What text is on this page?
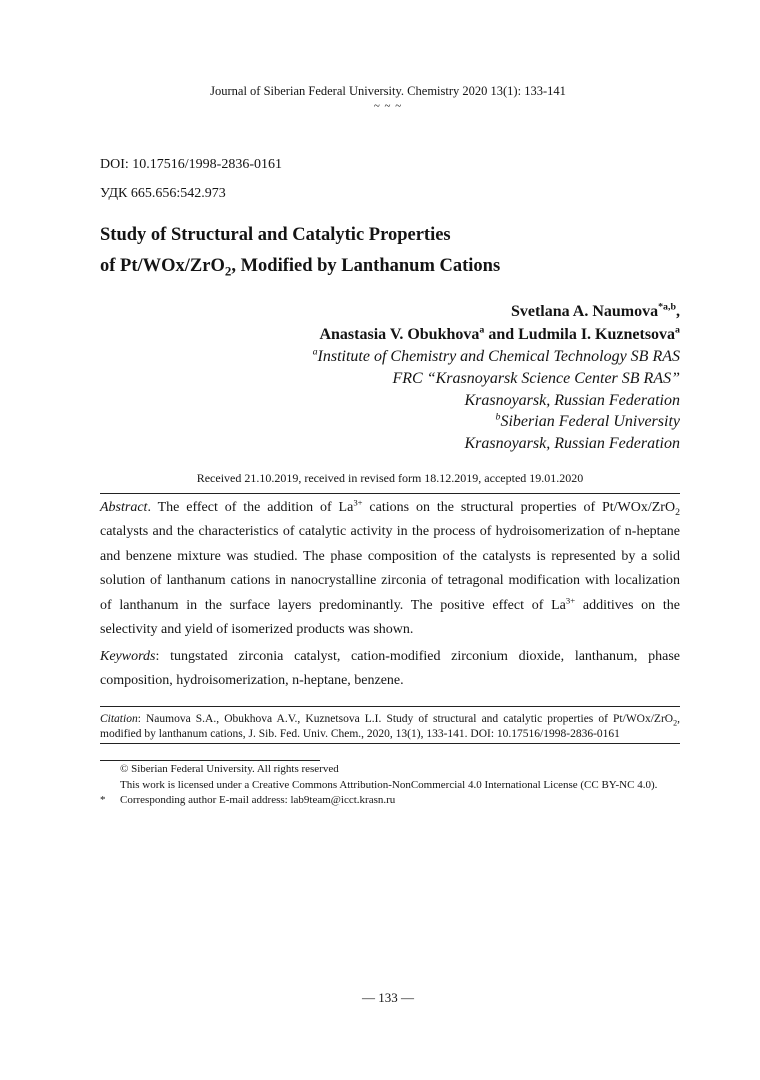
Journal of Siberian Federal University. Chemistry 2020 13(1): 133-141
~ ~ ~
DOI: 10.17516/1998-2836-0161
УДК 665.656:542.973
Study of Structural and Catalytic Properties
of Pt/WOx/ZrO$_2$, Modified by Lanthanum Cations
Svetlana A. Naumova$^{*a,b}$,
Anastasia V. Obukhova$^a$ and Ludmila I. Kuznetsova$^a$
$^a$Institute of Chemistry and Chemical Technology SB RAS
FRC “Krasnoyarsk Science Center SB RAS”
Krasnoyarsk, Russian Federation
$^b$Siberian Federal University
Krasnoyarsk, Russian Federation
Received 21.10.2019, received in revised form 18.12.2019, accepted 19.01.2020
Abstract. The effect of the addition of $La^{3+}$ cations on the structural properties of Pt/WOx/ZrO$_2$ catalysts and the characteristics of catalytic activity in the process of hydroisomerization of n-heptane and benzene mixture was studied. The phase composition of the catalysts is represented by a solid solution of lanthanum cations in nanocrystalline zirconia of tetragonal modification with localization of lanthanum in the surface layers predominantly. The positive effect of $La^{3+}$ additives on the selectivity and yield of isomerized products was shown.
Keywords: tungstated zirconia catalyst, cation-modified zirconium dioxide, lanthanum, phase composition, hydroisomerization, n-heptane, benzene.
Citation: Naumova S.A., Obukhova A.V., Kuznetsova L.I. Study of structural and catalytic properties of Pt/WOx/ZrO$_2$, modified by lanthanum cations, J. Sib. Fed. Univ. Chem., 2020, 13(1), 133-141. DOI: 10.17516/1998-2836-0161
© Siberian Federal University. All rights reserved
This work is licensed under a Creative Commons Attribution-NonCommercial 4.0 International License (CC BY-NC 4.0).
* Corresponding author E-mail address: lab9team@icct.krasn.ru
— 133 —
